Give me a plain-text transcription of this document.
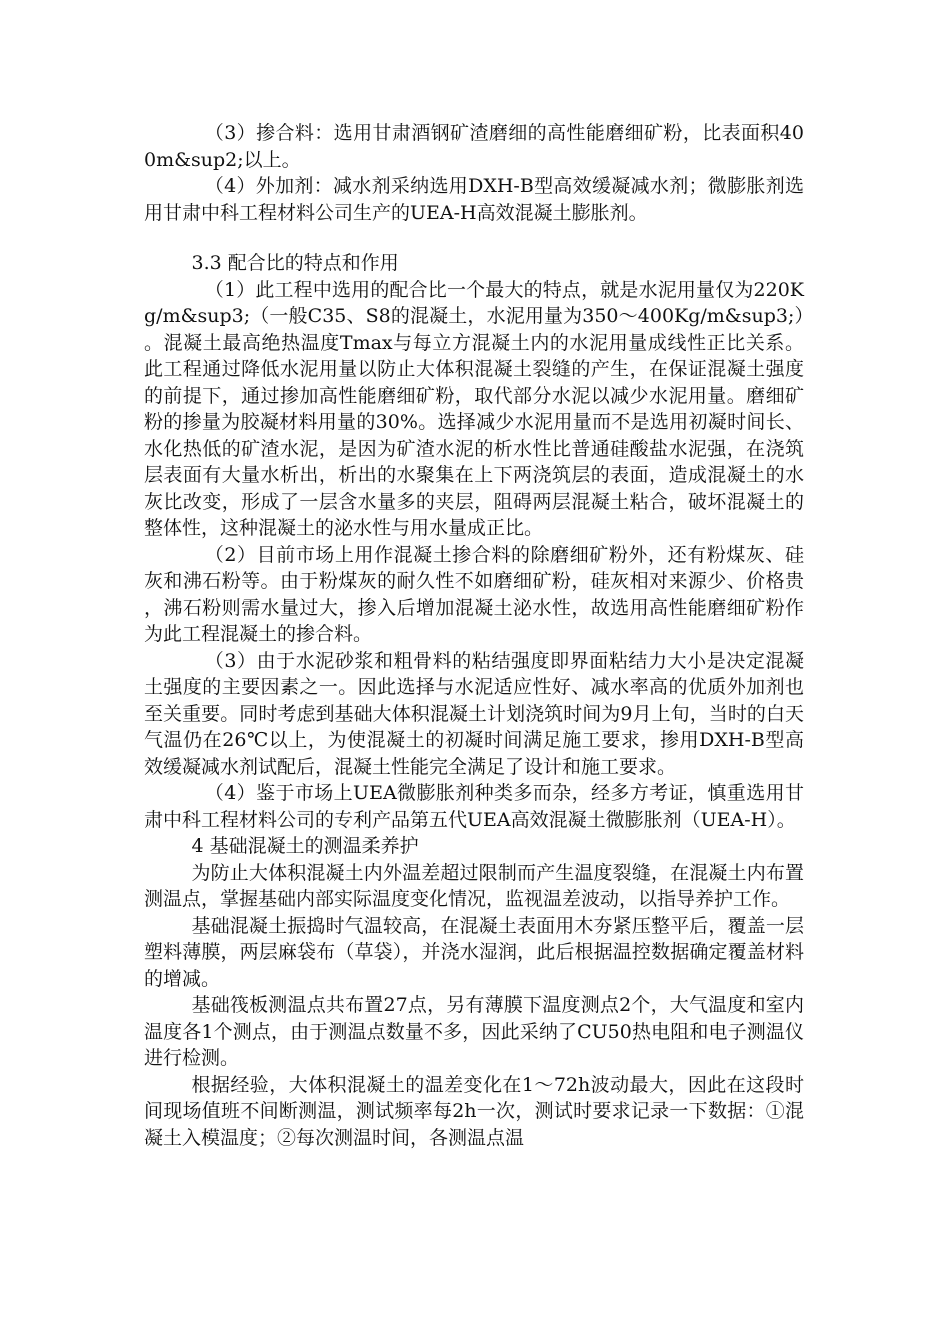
（3）掺合料：选用甘肃酒钢矿渣磨细的高性能磨细矿粉，比表面积400m&sup2;以上。

（4）外加剂：减水剂采纳选用DXH-B型高效缓凝减水剂；微膨胀剂选用甘肃中科工程材料公司生产的UEA-H高效混凝土膨胀剂。

3.3 配合比的特点和作用

（1）此工程中选用的配合比一个最大的特点，就是水泥用量仅为220Kg/m&sup3;（一般C35、S8的混凝土，水泥用量为350～400Kg/m&sup3;）。混凝土最高绝热温度Tmax与每立方混凝土内的水泥用量成线性正比关系。此工程通过降低水泥用量以防止大体积混凝土裂缝的产生，在保证混凝土强度的前提下，通过掺加高性能磨细矿粉，取代部分水泥以减少水泥用量。磨细矿粉的掺量为胶凝材料用量的30%。选择减少水泥用量而不是选用初凝时间长、水化热低的矿渣水泥，是因为矿渣水泥的析水性比普通硅酸盐水泥强，在浇筑层表面有大量水析出，析出的水聚集在上下两浇筑层的表面，造成混凝土的水灰比改变，形成了一层含水量多的夹层，阻碍两层混凝土粘合，破坏混凝土的整体性，这种混凝土的泌水性与用水量成正比。

（2）目前市场上用作混凝土掺合料的除磨细矿粉外，还有粉煤灰、硅灰和沸石粉等。由于粉煤灰的耐久性不如磨细矿粉，硅灰相对来源少、价格贵，沸石粉则需水量过大，掺入后增加混凝土泌水性，故选用高性能磨细矿粉作为此工程混凝土的掺合料。

（3）由于水泥砂浆和粗骨料的粘结强度即界面粘结力大小是决定混凝土强度的主要因素之一。因此选择与水泥适应性好、减水率高的优质外加剂也至关重要。同时考虑到基础大体积混凝土计划浇筑时间为9月上旬，当时的白天气温仍在26℃以上，为使混凝土的初凝时间满足施工要求，掺用DXH-B型高效缓凝减水剂试配后，混凝土性能完全满足了设计和施工要求。

（4）鉴于市场上UEA微膨胀剂种类多而杂，经多方考证，慎重选用甘肃中科工程材料公司的专利产品第五代UEA高效混凝土微膨胀剂（UEA-H）。

4 基础混凝土的测温柔养护

为防止大体积混凝土内外温差超过限制而产生温度裂缝，在混凝土内布置测温点，掌握基础内部实际温度变化情况，监视温差波动，以指导养护工作。

基础混凝土振捣时气温较高，在混凝土表面用木夯紧压整平后，覆盖一层塑料薄膜，两层麻袋布（草袋），并浇水湿润，此后根据温控数据确定覆盖材料的增减。

基础筏板测温点共布置27点，另有薄膜下温度测点2个，大气温度和室内温度各1个测点，由于测温点数量不多，因此采纳了CU50热电阻和电子测温仪进行检测。

根据经验，大体积混凝土的温差变化在1～72h波动最大，因此在这段时间现场值班不间断测温，测试频率每2h一次，测试时要求记录一下数据：①混凝土入模温度；②每次测温时间，各测温点温
